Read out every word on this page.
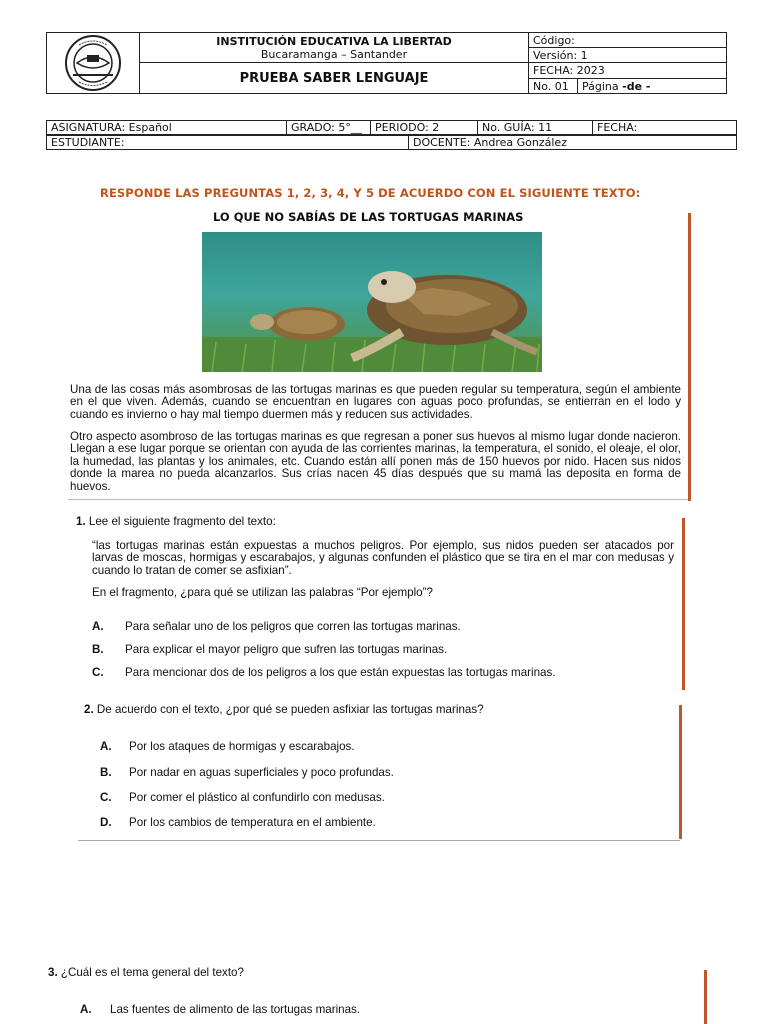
INSTITUCIÓN EDUCATIVA LA LIBERTAD
Bucaramanga – Santander	Código:	
		Versión: 1	
	PRUEBA SABER LENGUAJE	FECHA: 2023	
		No. 01	Página -de -
ASIGNATURA: Español	GRADO: 5°__	PERIODO: 2	No. GUÍA: 11	FECHA:
ESTUDIANTE:	DOCENTE: Andrea González
RESPONDE LAS PREGUNTAS 1, 2, 3, 4, Y 5 DE ACUERDO CON EL SIGUIENTE TEXTO:
LO QUE NO SABÍAS DE LAS TORTUGAS MARINAS
Una de las cosas más asombrosas de las tortugas marinas es que pueden regular su temperatura, según el ambiente en el que viven. Además, cuando se encuentran en lugares con aguas poco profundas, se entierran en el lodo y cuando es invierno o hay mal tiempo duermen más y reducen sus actividades.
Otro aspecto asombroso de las tortugas marinas es que regresan a poner sus huevos al mismo lugar donde nacieron. Llegan a ese lugar porque se orientan con ayuda de las corrientes marinas, la temperatura, el sonido, el oleaje, el olor, la humedad, las plantas y los animales, etc. Cuando están allí ponen más de 150 huevos por nido. Hacen sus nidos donde la marea no pueda alcanzarlos. Sus crías nacen 45 días después que su mamá las deposita en forma de huevos.
1. Lee el siguiente fragmento del texto:
“las tortugas marinas están expuestas a muchos peligros. Por ejemplo, sus nidos pueden ser atacados por larvas de moscas, hormigas y escarabajos, y algunas confunden el plástico que se tira en el mar con medusas y cuando lo tratan de comer se asfixian”.
En el fragmento, ¿para qué se utilizan las palabras “Por ejemplo”?
A. Para señalar uno de los peligros que corren las tortugas marinas.
B. Para explicar el mayor peligro que sufren las tortugas marinas.
C. Para mencionar dos de los peligros a los que están expuestas las tortugas marinas.
2. De acuerdo con el texto, ¿por qué se pueden asfixiar las tortugas marinas?
A. Por los ataques de hormigas y escarabajos.
B. Por nadar en aguas superficiales y poco profundas.
C. Por comer el plástico al confundirlo con medusas.
D. Por los cambios de temperatura en el ambiente.
3. ¿Cuál es el tema general del texto?
A. Las fuentes de alimento de las tortugas marinas.
